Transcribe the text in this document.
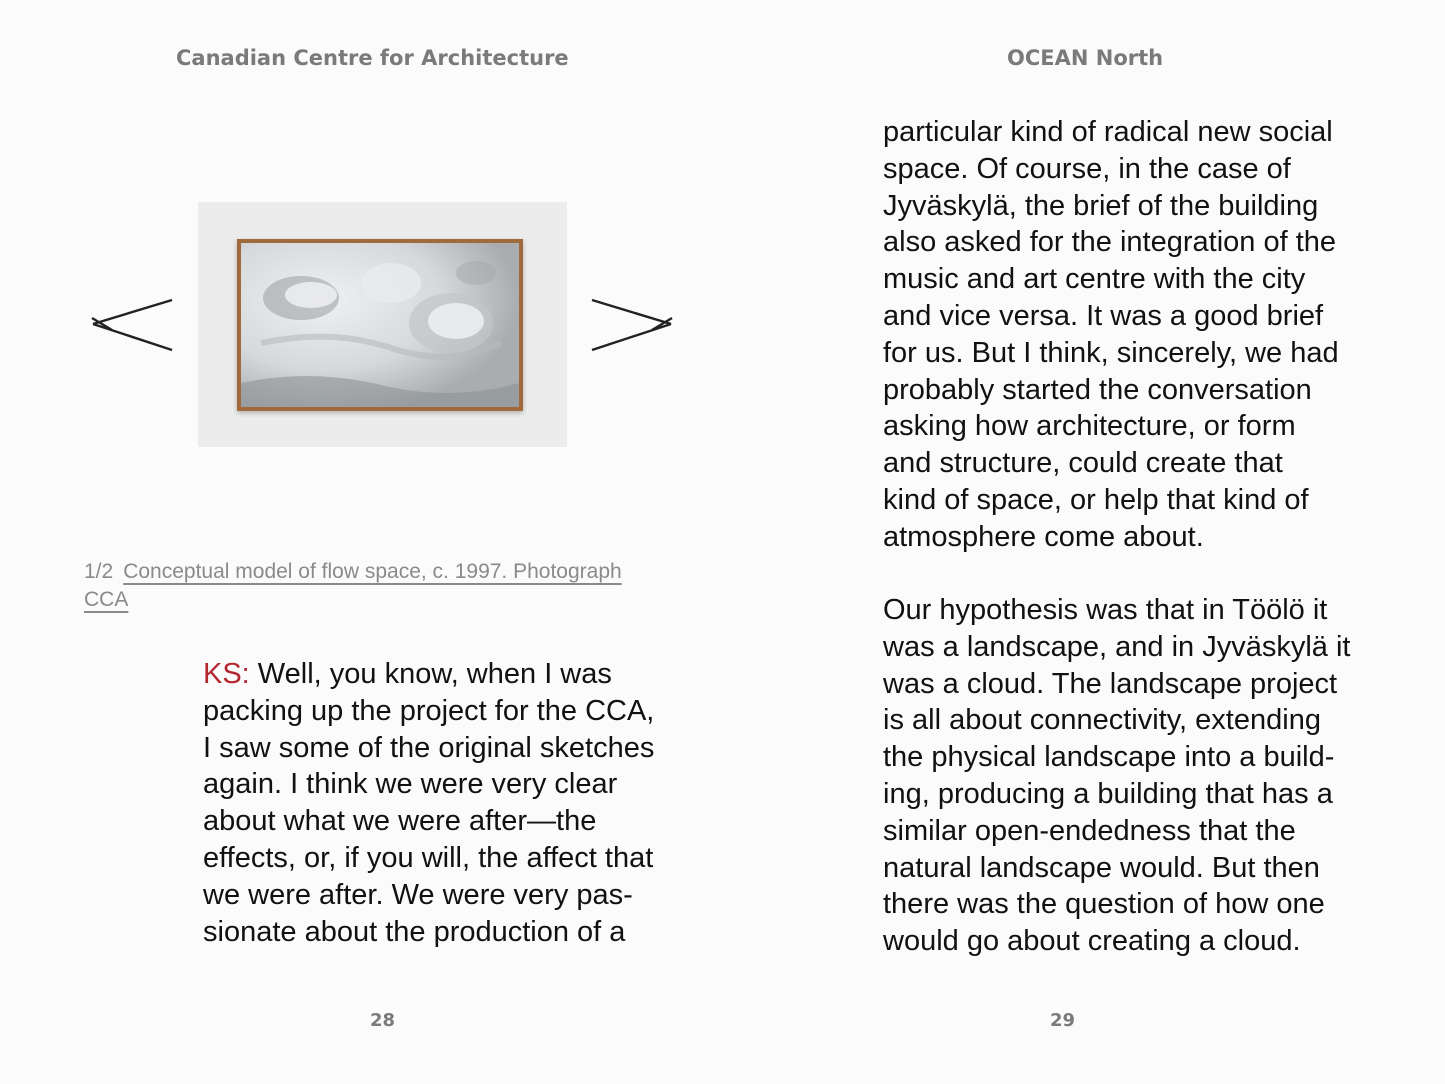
Canadian Centre for Architecture
1/2 Conceptual model of flow space, c. 1997. Photograph
CCA
KS: Well, you know, when I was
packing up the project for the CCA,
I saw some of the original sketches
again. I think we were very clear
about what we were after—the
effects, or, if you will, the affect that
we were after. We were very pas-
sionate about the production of a
28
OCEAN North
particular kind of radical new social
space. Of course, in the case of
Jyväskylä, the brief of the building
also asked for the integration of the
music and art centre with the city
and vice versa. It was a good brief
for us. But I think, sincerely, we had
probably started the conversation
asking how architecture, or form
and structure, could create that
kind of space, or help that kind of
atmosphere come about.
Our hypothesis was that in Töölö it
was a landscape, and in Jyväskylä it
was a cloud. The landscape project
is all about connectivity, extending
the physical landscape into a build-
ing, producing a building that has a
similar open-endedness that the
natural landscape would. But then
there was the question of how one
would go about creating a cloud.
29
